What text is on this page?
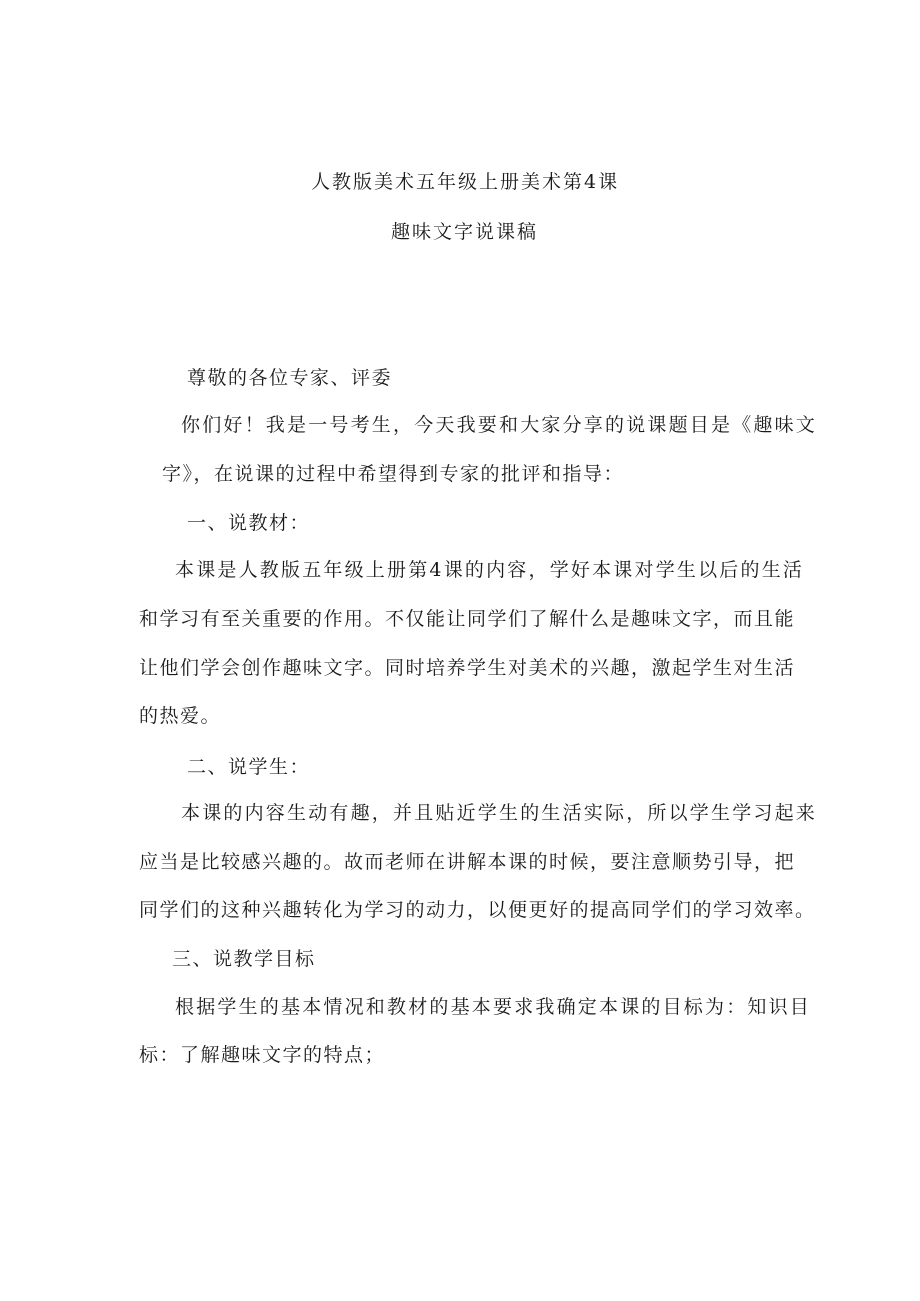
人教版美术五年级上册美术第4课
趣味文字说课稿
尊敬的各位专家、评委
你们好！我是一号考生，今天我要和大家分享的说课题目是《趣味文
字》，在说课的过程中希望得到专家的批评和指导：
一、说教材：
本课是人教版五年级上册第4课的内容，学好本课对学生以后的生活
和学习有至关重要的作用。不仅能让同学们了解什么是趣味文字，而且能
让他们学会创作趣味文字。同时培养学生对美术的兴趣，激起学生对生活
的热爱。
二、说学生：
本课的内容生动有趣，并且贴近学生的生活实际，所以学生学习起来
应当是比较感兴趣的。故而老师在讲解本课的时候，要注意顺势引导，把
同学们的这种兴趣转化为学习的动力，以便更好的提高同学们的学习效率。
三、说教学目标
根据学生的基本情况和教材的基本要求我确定本课的目标为：知识目
标：了解趣味文字的特点；
